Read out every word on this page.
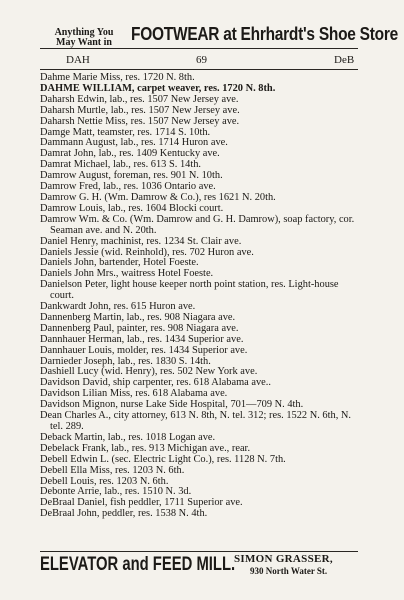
Anything You
May Want in	FOOTWEAR at Ehrhardt's Shoe Store
DAH	69	DeB
Dahme Marie Miss, res. 1720 N. 8th.
DAHME WILLIAM, carpet weaver, res. 1720 N. 8th.
Daharsh Edwin, lab., res. 1507 New Jersey ave.
Daharsh Murtle, lab., res. 1507 New Jersey ave.
Daharsh Nettie Miss, res. 1507 New Jersey ave.
Damge Matt, teamster, res. 1714 S. 10th.
Dammann August, lab., res. 1714 Huron ave.
Damrat John, lab., res. 1409 Kentucky ave.
Damrat Michael, lab., res. 613 S. 14th.
Damrow August, foreman, res. 901 N. 10th.
Damrow Fred, lab., res. 1036 Ontario ave.
Damrow G. H. (Wm. Damrow & Co.), res 1621 N. 20th.
Damrow Louis, lab., res. 1604 Blocki court.
Damrow Wm. & Co. (Wm. Damrow and G. H. Damrow), soap factory, cor. Seaman ave. and N. 20th.
Daniel Henry, machinist, res. 1234 St. Clair ave.
Daniels Jessie (wid. Reinhold), res. 702 Huron ave.
Daniels John, bartender, Hotel Foeste.
Daniels John Mrs., waitress Hotel Foeste.
Danielson Peter, light house keeper north point station, res. Light-house court.
Dankwardt John, res. 615 Huron ave.
Dannenberg Martin, lab., res. 908 Niagara ave.
Dannenberg Paul, painter, res. 908 Niagara ave.
Dannhauer Herman, lab., res. 1434 Superior ave.
Dannhauer Louis, molder, res. 1434 Superior ave.
Darnieder Joseph, lab., res. 1830 S. 14th.
Dashiell Lucy (wid. Henry), res. 502 New York ave.
Davidson David, ship carpenter, res. 618 Alabama ave..
Davidson Lilian Miss, res. 618 Alabama ave.
Davidson Mignon, nurse Lake Side Hospital, 701—709 N. 4th.
Dean Charles A., city attorney, 613 N. 8th, N. tel. 312; res. 1522 N. 6th, N. tel. 289.
Deback Martin, lab., res. 1018 Logan ave.
Debelack Frank, lab., res. 913 Michigan ave., rear.
Debell Edwin L. (sec. Electric Light Co.), res. 1128 N. 7th.
Debell Ella Miss, res. 1203 N. 6th.
Debell Louis, res. 1203 N. 6th.
Debonte Arrie, lab., res. 1510 N. 3d.
DeBraal Daniel, fish peddler, 1711 Superior ave.
DeBraal John, peddler, res. 1538 N. 4th.
ELEVATOR and FEED MILL.
SIMON GRASSER,
930 North Water St.
